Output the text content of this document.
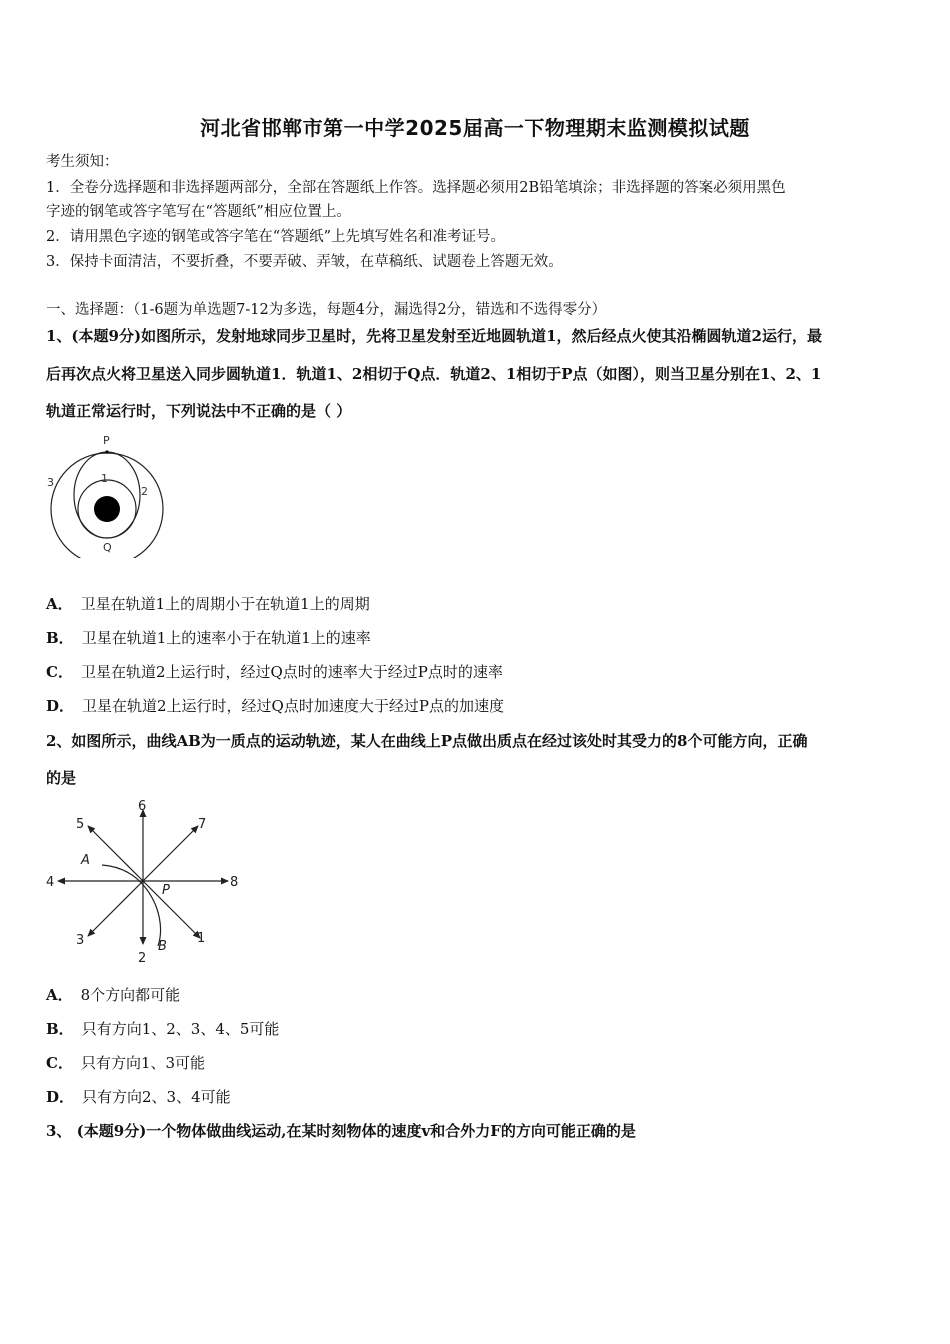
河北省邯郸市第一中学2025届高一下物理期末监测模拟试题
考生须知：
1．全卷分选择题和非选择题两部分，全部在答题纸上作答。选择题必须用2B铅笔填涂；非选择题的答案必须用黑色
字迹的钢笔或答字笔写在“答题纸”相应位置上。
2．请用黑色字迹的钢笔或答字笔在“答题纸”上先填写姓名和准考证号。
3．保持卡面清洁，不要折叠，不要弄破、弄皱，在草稿纸、试题卷上答题无效。
一、选择题：（1-6题为单选题7-12为多选，每题4分，漏选得2分，错选和不选得零分）
1、(本题9分)如图所示，发射地球同步卫星时，先将卫星发射至近地圆轨道1，然后经点火使其沿椭圆轨道2运行，最
后再次点火将卫星送入同步圆轨道1．轨道1、2相切于Q点．轨道2、1相切于P点（如图），则当卫星分别在1、2、1
轨道正常运行时，下列说法中不正确的是（ ）
P
Q
1
2
3
A． 卫星在轨道1上的周期小于在轨道1上的周期
B． 卫星在轨道1上的速率小于在轨道1上的速率
C． 卫星在轨道2上运行时，经过Q点时的速率大于经过P点时的速率
D． 卫星在轨道2上运行时，经过Q点时加速度大于经过P点的加速度
2、如图所示，曲线AB为一质点的运动轨迹，某人在曲线上P点做出质点在经过该处时其受力的8个可能方向，正确
的是
A
B
P
6
2
4	8
5	7
3	1
A． 8个方向都可能
B． 只有方向1、2、3、4、5可能
C． 只有方向1、3可能
D． 只有方向2、3、4可能
3、 (本题9分)一个物体做曲线运动,在某时刻物体的速度v和合外力F的方向可能正确的是
